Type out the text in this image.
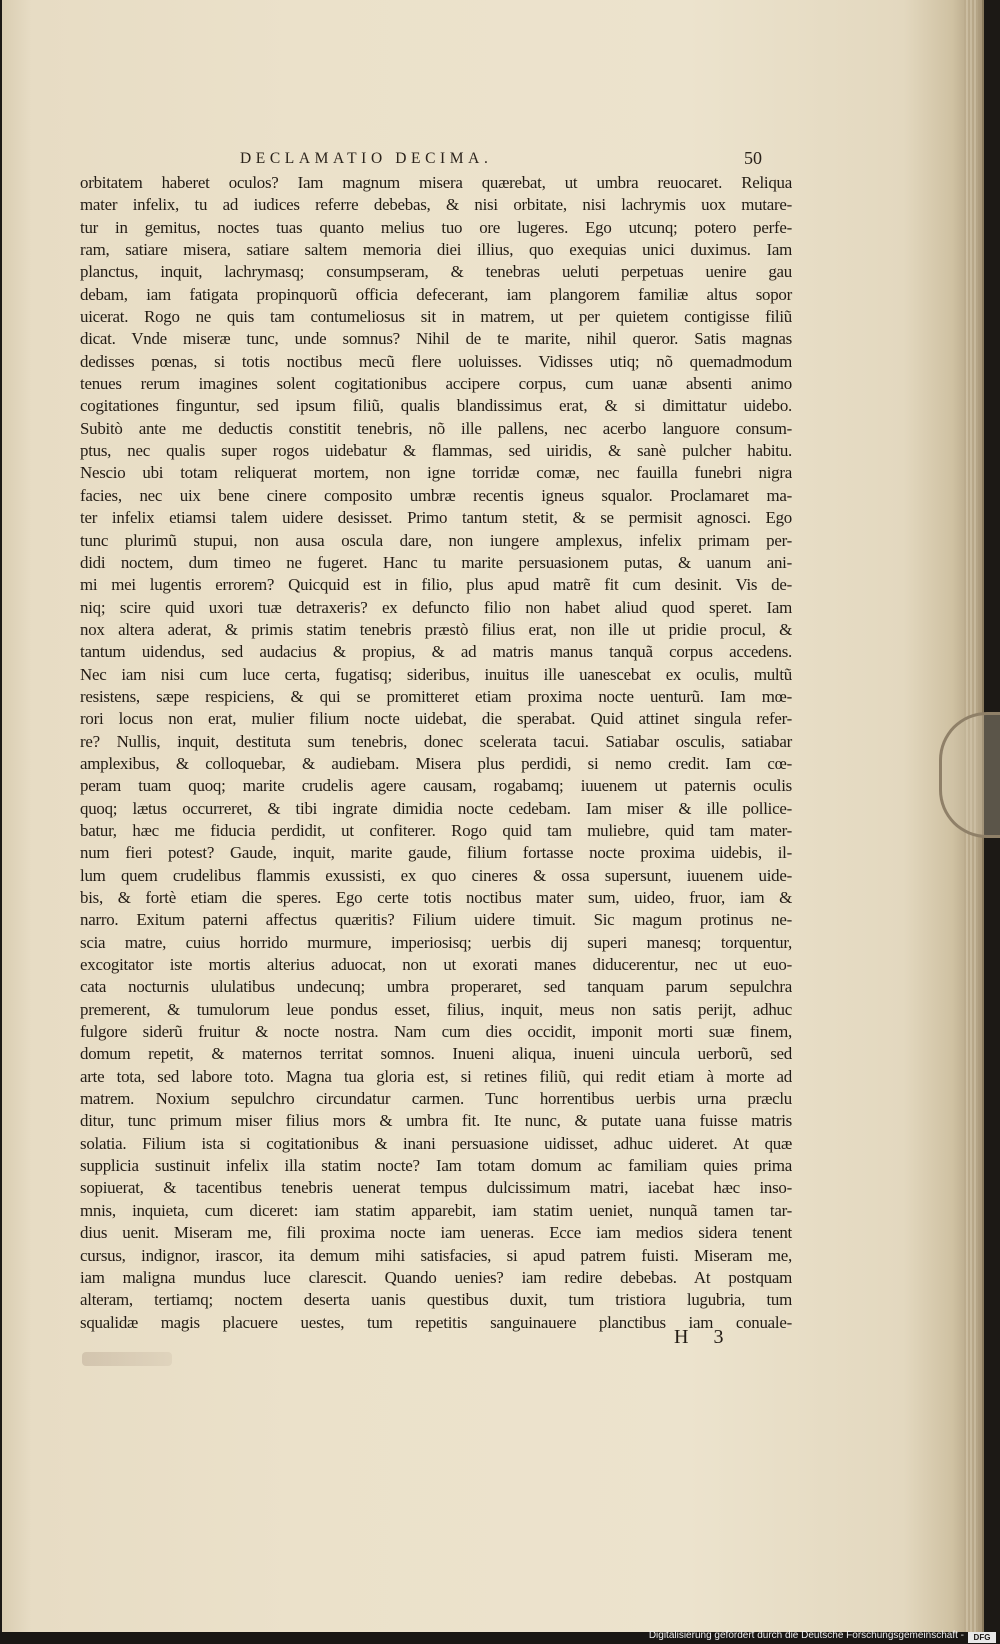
DECLAMATIO DECIMA.	50
orbitatem haberet oculos? Iam magnum misera quærebat, ut umbra reuocaret. Reliqua
mater infelix, tu ad iudices referre debebas, & nisi orbitate, nisi lachrymis uox mutare-
tur in gemitus, noctes tuas quanto melius tuo ore lugeres. Ego utcunq; potero perfe-
ram, satiare misera, satiare saltem memoria diei illius, quo exequias unici duximus. Iam
planctus, inquit, lachrymasq; consumpseram, & tenebras ueluti perpetuas uenire gau
debam, iam fatigata propinquorũ officia defecerant, iam plangorem familiæ altus sopor
uicerat. Rogo ne quis tam contumeliosus sit in matrem, ut per quietem contigisse filiũ
dicat. Vnde miseræ tunc, unde somnus? Nihil de te marite, nihil queror. Satis magnas
dedisses pœnas, si totis noctibus mecũ flere uoluisses. Vidisses utiq; nõ quemadmodum
tenues rerum imagines solent cogitationibus accipere corpus, cum uanæ absenti animo
cogitationes finguntur, sed ipsum filiũ, qualis blandissimus erat, & si dimittatur uidebo.
Subitò ante me deductis constitit tenebris, nõ ille pallens, nec acerbo languore consum-
ptus, nec qualis super rogos uidebatur & flammas, sed uiridis, & sanè pulcher habitu.
Nescio ubi totam reliquerat mortem, non igne torridæ comæ, nec fauilla funebri nigra
facies, nec uix bene cinere composito umbræ recentis igneus squalor. Proclamaret ma-
ter infelix etiamsi talem uidere desisset. Primo tantum stetit, & se permisit agnosci. Ego
tunc plurimũ stupui, non ausa oscula dare, non iungere amplexus, infelix primam per-
didi noctem, dum timeo ne fugeret. Hanc tu marite persuasionem putas, & uanum ani-
mi mei lugentis errorem? Quicquid est in filio, plus apud matrẽ fit cum desinit. Vis de-
niq; scire quid uxori tuæ detraxeris? ex defuncto filio non habet aliud quod speret. Iam
nox altera aderat, & primis statim tenebris præstò filius erat, non ille ut pridie procul, &
tantum uidendus, sed audacius & propius, & ad matris manus tanquã corpus accedens.
Nec iam nisi cum luce certa, fugatisq; sideribus, inuitus ille uanescebat ex oculis, multũ
resistens, sæpe respiciens, & qui se promitteret etiam proxima nocte uenturũ. Iam mœ-
rori locus non erat, mulier filium nocte uidebat, die sperabat. Quid attinet singula refer-
re? Nullis, inquit, destituta sum tenebris, donec scelerata tacui. Satiabar osculis, satiabar
amplexibus, & colloquebar, & audiebam. Misera plus perdidi, si nemo credit. Iam cœ-
peram tuam quoq; marite crudelis agere causam, rogabamq; iuuenem ut paternis oculis
quoq; lætus occurreret, & tibi ingrate dimidia nocte cedebam. Iam miser & ille pollice-
batur, hæc me fiducia perdidit, ut confiterer. Rogo quid tam muliebre, quid tam mater-
num fieri potest? Gaude, inquit, marite gaude, filium fortasse nocte proxima uidebis, il-
lum quem crudelibus flammis exussisti, ex quo cineres & ossa supersunt, iuuenem uide-
bis, & fortè etiam die speres. Ego certe totis noctibus mater sum, uideo, fruor, iam &
narro. Exitum paterni affectus quæritis? Filium uidere timuit. Sic magum protinus ne-
scia matre, cuius horrido murmure, imperiosisq; uerbis dij superi manesq; torquentur,
excogitator iste mortis alterius aduocat, non ut exorati manes diducerentur, nec ut euo-
cata nocturnis ululatibus undecunq; umbra properaret, sed tanquam parum sepulchra
premerent, & tumulorum leue pondus esset, filius, inquit, meus non satis perijt, adhuc
fulgore siderũ fruitur & nocte nostra. Nam cum dies occidit, imponit morti suæ finem,
domum repetit, & maternos territat somnos. Inueni aliqua, inueni uincula uerborũ, sed
arte tota, sed labore toto. Magna tua gloria est, si retines filiũ, qui redit etiam à morte ad
matrem. Noxium sepulchro circundatur carmen. Tunc horrentibus uerbis urna præclu
ditur, tunc primum miser filius mors & umbra fit. Ite nunc, & putate uana fuisse matris
solatia. Filium ista si cogitationibus & inani persuasione uidisset, adhuc uideret. At quæ
supplicia sustinuit infelix illa statim nocte? Iam totam domum ac familiam quies prima
sopiuerat, & tacentibus tenebris uenerat tempus dulcissimum matri, iacebat hæc inso-
mnis, inquieta, cum diceret: iam statim apparebit, iam statim ueniet, nunquã tamen tar-
dius uenit. Miseram me, fili proxima nocte iam ueneras. Ecce iam medios sidera tenent
cursus, indignor, irascor, ita demum mihi satisfacies, si apud patrem fuisti. Miseram me,
iam maligna mundus luce clarescit. Quando uenies? iam redire debebas. At postquam
alteram, tertiamq; noctem deserta uanis questibus duxit, tum tristiora lugubria, tum
squalidæ magis placuere uestes, tum repetitis sanguinauere planctibus iam conuale-
H 3
Digitalisierung gefördert durch die Deutsche Forschungsgemeinschaft -	DFG
